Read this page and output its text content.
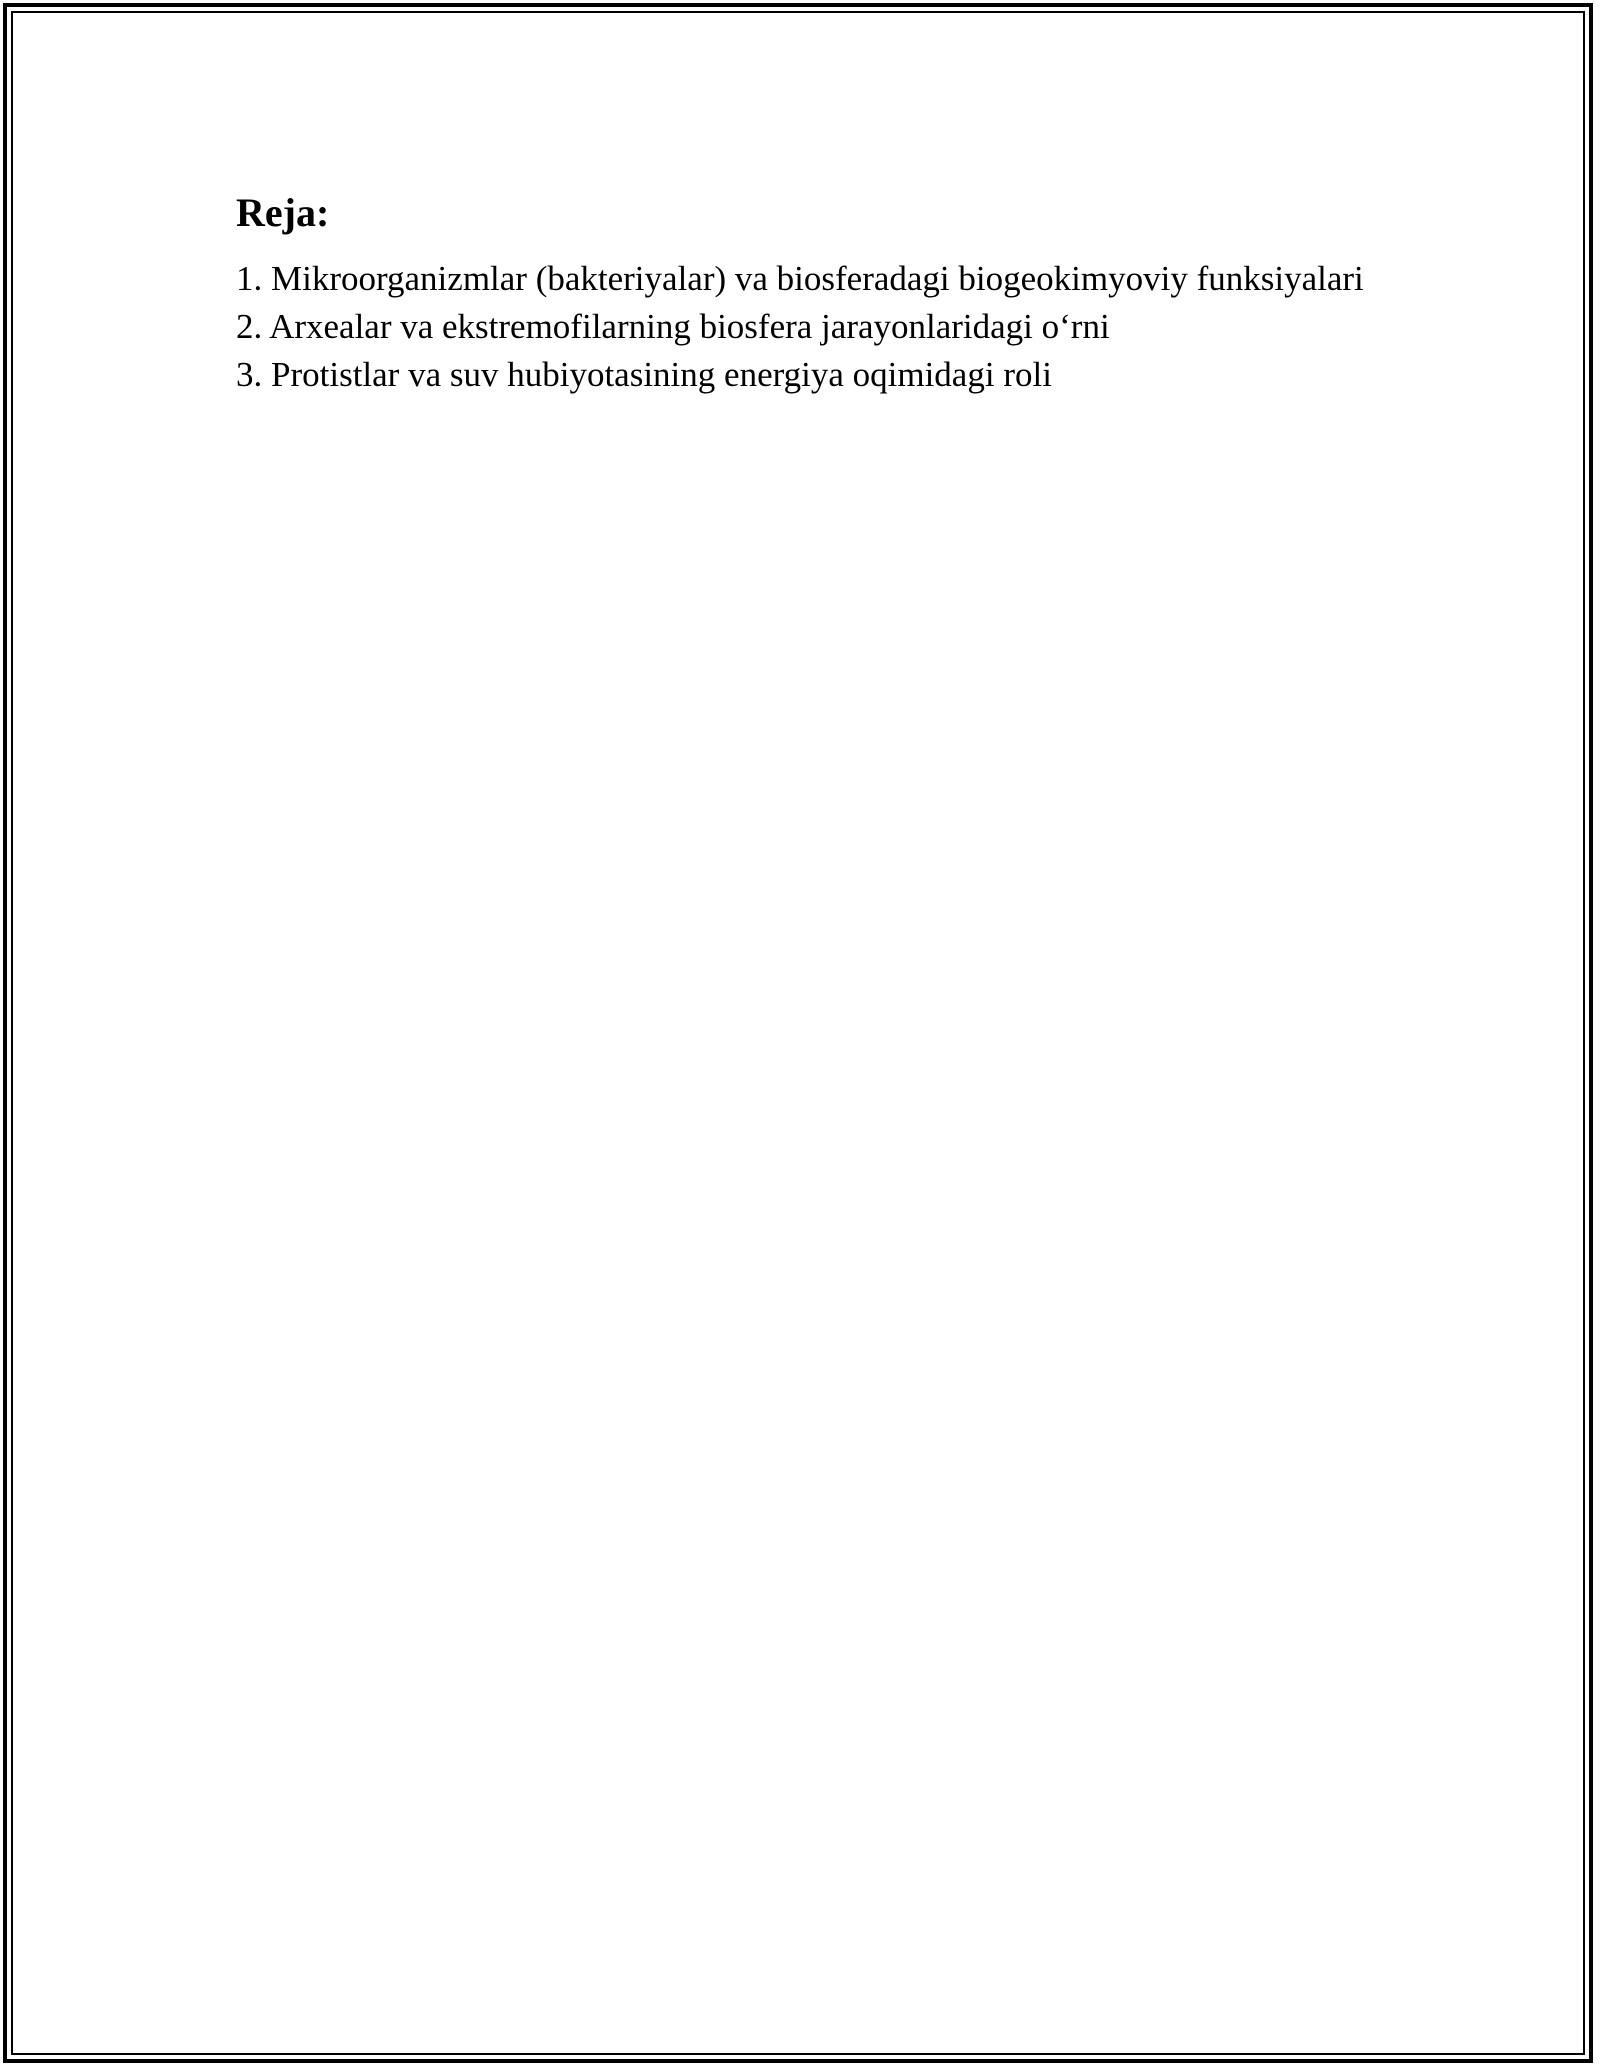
Reja:
1. Mikroorganizmlar (bakteriyalar) va biosferadagi biogeokimyoviy funksiyalari
2. Arxealar va ekstremofilarning biosfera jarayonlaridagi o‘rni
3. Protistlar va suv hubiyotasining energiya oqimidagi roli
